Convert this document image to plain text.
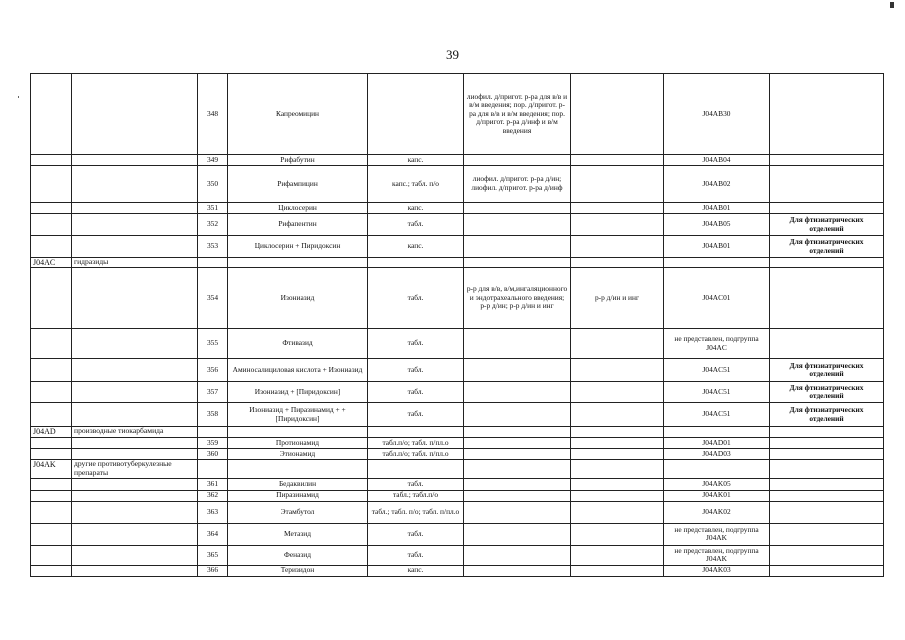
39
		348	Капреомицин		лиофил. д/пригот. р-ра для в/в и в/м введения; пор. д/пригот. р-ра для в/в и в/м введения; пор. д/пригот. р-ра д/инф и в/м введения		J04AB30	
		349	Рифабутин	капс.			J04AB04	
		350	Рифампицин	капс.; табл. п/о	лиофил. д/пригот. р-ра д/ин; лиофил. д/пригот. р-ра д/инф		J04AB02	
		351	Циклосерин	капс.			J04AB01	
		352	Рифапентин	табл.			J04AB05	Для фтизиатрических отделений
		353	Циклосерин + Пиридоксин	капс.			J04AB01	Для фтизиатрических отделений
J04AC	гидразиды							
		354	Изониазид	табл.	р-р для в/в, в/м,ингаляционного и эндотрахеального введения; р-р д/ин; р-р д/ин и инг	р-р д/ин и инг	J04AC01	
		355	Фтивазид	табл.			не представлен, подгруппа J04AC	
		356	Аминосалициловая кислота + Изониазид	табл.			J04AC51	Для фтизиатрических отделений
		357	Изониазид + [Пиридоксин]	табл.			J04AC51	Для фтизиатрических отделений
		358	Изониазид + Пиразинамид + +[Пиридоксин]	табл.			J04AC51	Для фтизиатрических отделений
J04AD	производные тиокарбамида							
		359	Протионамид	табл.п/о; табл. п/пл.о			J04AD01	
		360	Этионамид	табл.п/о; табл. п/пл.о			J04AD03	
J04AK	другие противотуберкулезные препараты							
		361	Бедаквилин	табл.			J04AK05	
		362	Пиразинамид	табл.; табл.п/о			J04AK01	
		363	Этамбутол	табл.; табл. п/о; табл. п/пл.о			J04AK02	
		364	Метазид	табл.			не представлен, подгруппа J04AK	
		365	Феназид	табл.			не представлен, подгруппа J04AK	
		366	Теризидон	капс.			J04AK03	
